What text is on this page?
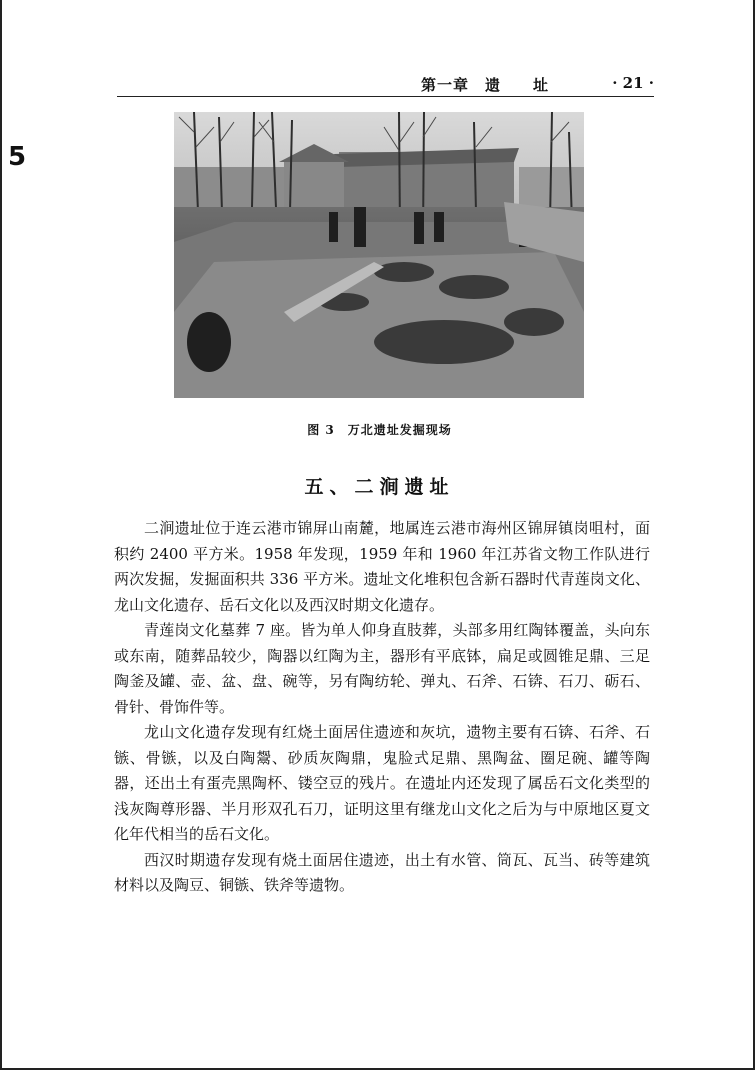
5
第一章　遗　　址	· 21 ·
图 3　万北遗址发掘现场
五、二涧遗址

二涧遗址位于连云港市锦屏山南麓，地属连云港市海州区锦屏镇岗咀村，面积约 2400 平方米。1958 年发现，1959 年和 1960 年江苏省文物工作队进行两次发掘，发掘面积共 336 平方米。遗址文化堆积包含新石器时代青莲岗文化、龙山文化遗存、岳石文化以及西汉时期文化遗存。

青莲岗文化墓葬 7 座。皆为单人仰身直肢葬，头部多用红陶钵覆盖，头向东或东南，随葬品较少，陶器以红陶为主，器形有平底钵，扁足或圆锥足鼎、三足陶釜及罐、壶、盆、盘、碗等，另有陶纺轮、弹丸、石斧、石锛、石刀、砺石、骨针、骨饰件等。

龙山文化遗存发现有红烧土面居住遗迹和灰坑，遗物主要有石锛、石斧、石镞、骨镞，以及白陶鬶、砂质灰陶鼎，鬼脸式足鼎、黑陶盆、圈足碗、罐等陶器，还出土有蛋壳黑陶杯、镂空豆的残片。在遗址内还发现了属岳石文化类型的浅灰陶尊形器、半月形双孔石刀，证明这里有继龙山文化之后为与中原地区夏文化年代相当的岳石文化。

西汉时期遗存发现有烧土面居住遗迹，出土有水管、筒瓦、瓦当、砖等建筑材料以及陶豆、铜镞、铁斧等遗物。
